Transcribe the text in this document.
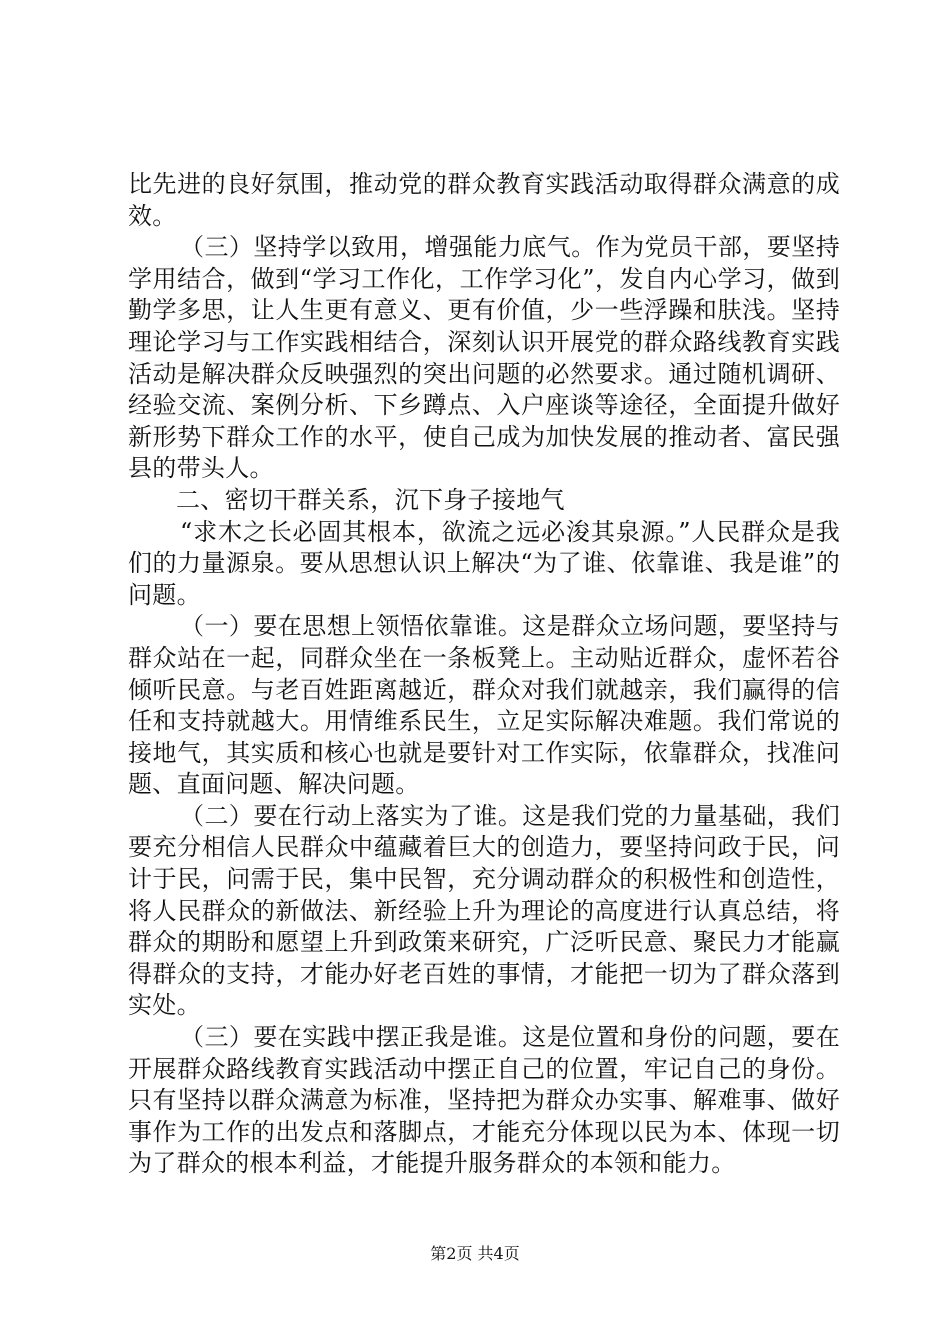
比先进的良好氛围，推动党的群众教育实践活动取得群众满意的成效。

（三）坚持学以致用，增强能力底气。作为党员干部，要坚持学用结合，做到“学习工作化，工作学习化”，发自内心学习，做到勤学多思，让人生更有意义、更有价值，少一些浮躁和肤浅。坚持理论学习与工作实践相结合，深刻认识开展党的群众路线教育实践活动是解决群众反映强烈的突出问题的必然要求。通过随机调研、经验交流、案例分析、下乡蹲点、入户座谈等途径，全面提升做好新形势下群众工作的水平，使自己成为加快发展的推动者、富民强县的带头人。

二、密切干群关系，沉下身子接地气

“求木之长必固其根本，欲流之远必浚其泉源。”人民群众是我们的力量源泉。要从思想认识上解决“为了谁、依靠谁、我是谁”的问题。

（一）要在思想上领悟依靠谁。这是群众立场问题，要坚持与群众站在一起，同群众坐在一条板凳上。主动贴近群众，虚怀若谷倾听民意。与老百姓距离越近，群众对我们就越亲，我们赢得的信任和支持就越大。用情维系民生，立足实际解决难题。我们常说的接地气，其实质和核心也就是要针对工作实际，依靠群众，找准问题、直面问题、解决问题。

（二）要在行动上落实为了谁。这是我们党的力量基础，我们要充分相信人民群众中蕴藏着巨大的创造力，要坚持问政于民，问计于民，问需于民，集中民智，充分调动群众的积极性和创造性，将人民群众的新做法、新经验上升为理论的高度进行认真总结，将群众的期盼和愿望上升到政策来研究，广泛听民意、聚民力才能赢得群众的支持，才能办好老百姓的事情，才能把一切为了群众落到实处。

（三）要在实践中摆正我是谁。这是位置和身份的问题，要在开展群众路线教育实践活动中摆正自己的位置，牢记自己的身份。只有坚持以群众满意为标准，坚持把为群众办实事、解难事、做好事作为工作的出发点和落脚点，才能充分体现以民为本、体现一切为了群众的根本利益，才能提升服务群众的本领和能力。

第2页 共4页
